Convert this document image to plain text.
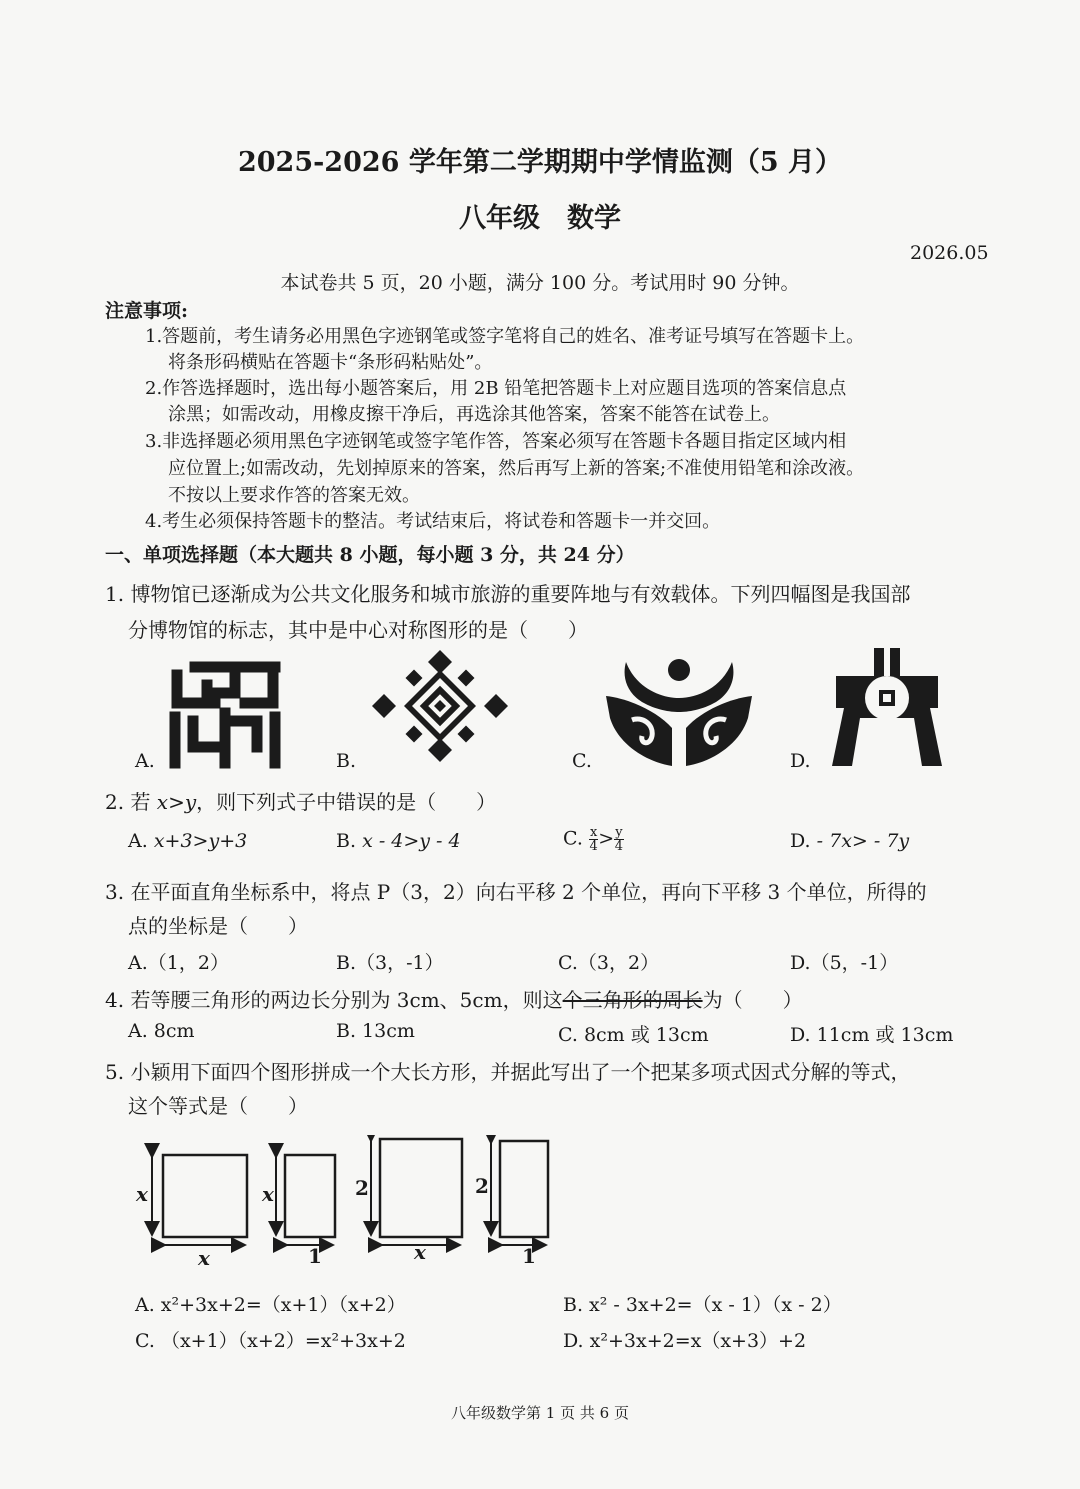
2025-2026 学年第二学期期中学情监测（5 月）
八年级　数学
2026.05
本试卷共 5 页，20 小题，满分 100 分。考试用时 90 分钟。
注意事项:
1.答题前，考生请务必用黑色字迹钢笔或签字笔将自己的姓名、准考证号填写在答题卡上。
将条形码横贴在答题卡“条形码粘贴处”。
2.作答选择题时，选出每小题答案后，用 2B 铅笔把答题卡上对应题目选项的答案信息点
涂黑；如需改动，用橡皮擦干净后，再选涂其他答案，答案不能答在试卷上。
3.非选择题必须用黑色字迹钢笔或签字笔作答，答案必须写在答题卡各题目指定区域内相
应位置上;如需改动，先划掉原来的答案，然后再写上新的答案;不准使用铅笔和涂改液。
不按以上要求作答的答案无效。
4.考生必须保持答题卡的整洁。考试结束后，将试卷和答题卡一并交回。
一、单项选择题（本大题共 8 小题，每小题 3 分，共 24 分）
1. 博物馆已逐渐成为公共文化服务和城市旅游的重要阵地与有效载体。下列四幅图是我国部
分博物馆的标志，其中是中心对称图形的是（　　）
A.	B.	C.	D.
2. 若 x>y，则下列式子中错误的是（　　）
A. x+3>y+3	B. x - 4>y - 4	C. $\frac{x}{4} > \frac{y}{4}$	D. - 7x> - 7y
3. 在平面直角坐标系中，将点 P（3，2）向右平移 2 个单位，再向下平移 3 个单位，所得的
点的坐标是（　　）
A.（1，2）	B.（3，-1）	C.（3，2）	D.（5，-1）
4. 若等腰三角形的两边长分别为 3cm、5cm，则这个三角形的周长为（　　）
A. 8cm	B. 13cm	C. 8cm 或 13cm	D. 11cm 或 13cm
5. 小颖用下面四个图形拼成一个大长方形，并据此写出了一个把某多项式因式分解的等式，
这个等式是（　　）
x
x
x
1
2
x
2
1
A. x²+3x+2=（x+1）（x+2）	B. x² - 3x+2=（x - 1）（x - 2）
C. （x+1）（x+2）=x²+3x+2	D. x²+3x+2=x（x+3）+2
八年级数学第 1 页 共 6 页
